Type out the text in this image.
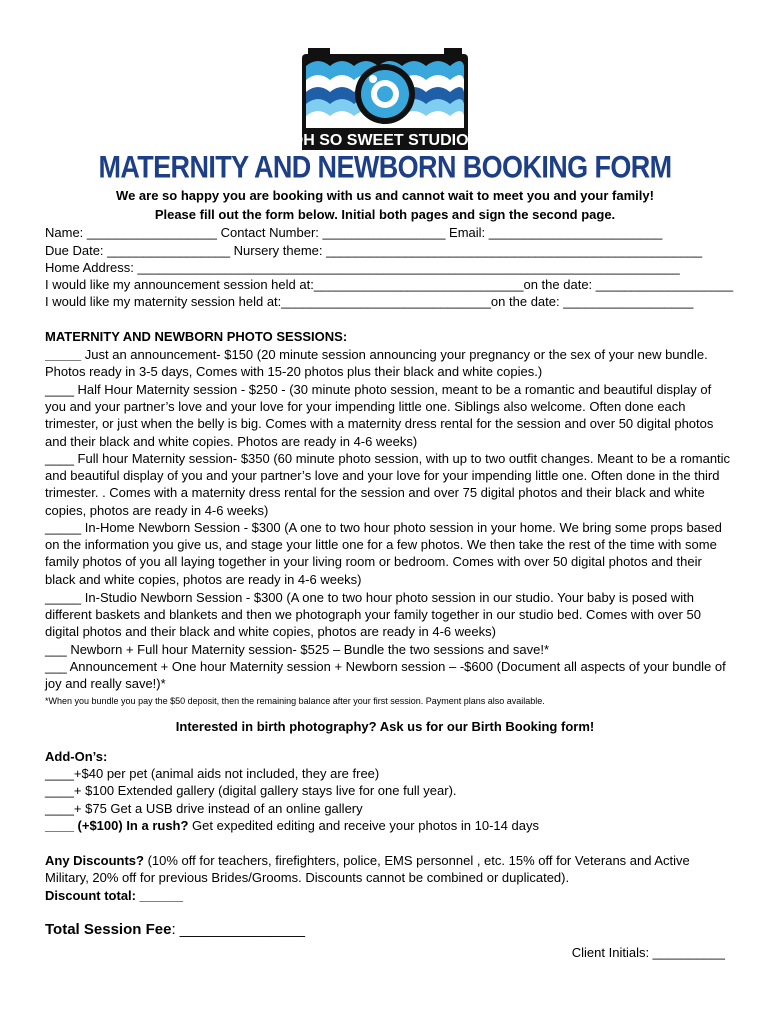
OH SO SWEET STUDIOS
MATERNITY AND NEWBORN BOOKING FORM
We are so happy you are booking with us and cannot wait to meet you and your family!
Please fill out the form below. Initial both pages and sign the second page.
Name: __________________ Contact Number: _________________ Email: ________________________
Due Date: _________________ Nursery theme: ____________________________________________________
Home Address: ___________________________________________________________________________
I would like my announcement session held at:_____________________________on the date: ___________________
I would like my maternity session held at:_____________________________on the date: __________________
MATERNITY AND NEWBORN PHOTO SESSIONS:
_____ Just an announcement- $150 (20 minute session announcing your pregnancy or the sex of your new bundle. Photos ready in 3-5 days, Comes with 15-20 photos plus their black and white copies.)
____ Half Hour Maternity session - $250 - (30 minute photo session, meant to be a romantic and beautiful display of you and your partner’s love and your love for your impending little one. Siblings also welcome. Often done each trimester, or just when the belly is big. Comes with a maternity dress rental for the session and over 50 digital photos and their black and white copies. Photos are ready in 4-6 weeks)
____ Full hour Maternity session- $350 (60 minute photo session, with up to two outfit changes. Meant to be a romantic and beautiful display of you and your partner’s love and your love for your impending little one. Often done in the third trimester. . Comes with a maternity dress rental for the session and over 75 digital photos and their black and white copies, photos are ready in 4-6 weeks)
_____ In-Home Newborn Session - $300 (A one to two hour photo session in your home. We bring some props based on the information you give us, and stage your little one for a few photos. We then take the rest of the time with some family photos of you all laying together in your living room or bedroom. Comes with over 50 digital photos and their black and white copies, photos are ready in 4-6 weeks)
_____ In-Studio Newborn Session - $300 (A one to two hour photo session in our studio. Your baby is posed with different baskets and blankets and then we photograph your family together in our studio bed. Comes with over 50 digital photos and their black and white copies, photos are ready in 4-6 weeks)
___ Newborn + Full hour Maternity session- $525 – Bundle the two sessions and save!*
___ Announcement + One hour Maternity session + Newborn session – -$600 (Document all aspects of your bundle of joy and really save!)*
*When you bundle you pay the $50 deposit, then the remaining balance after your first session. Payment plans also available.
Interested in birth photography? Ask us for our Birth Booking form!
Add-On’s:
____+$40 per pet (animal aids not included, they are free)
____+ $100 Extended gallery (digital gallery stays live for one full year).
____+ $75 Get a USB drive instead of an online gallery
____ (+$100) In a rush? Get expedited editing and receive your photos in 10-14 days
Any Discounts? (10% off for teachers, firefighters, police, EMS personnel , etc. 15% off for Veterans and Active Military, 20% off for previous Brides/Grooms. Discounts cannot be combined or duplicated).
Discount total: ______
Total Session Fee: _______________
Client Initials: __________
